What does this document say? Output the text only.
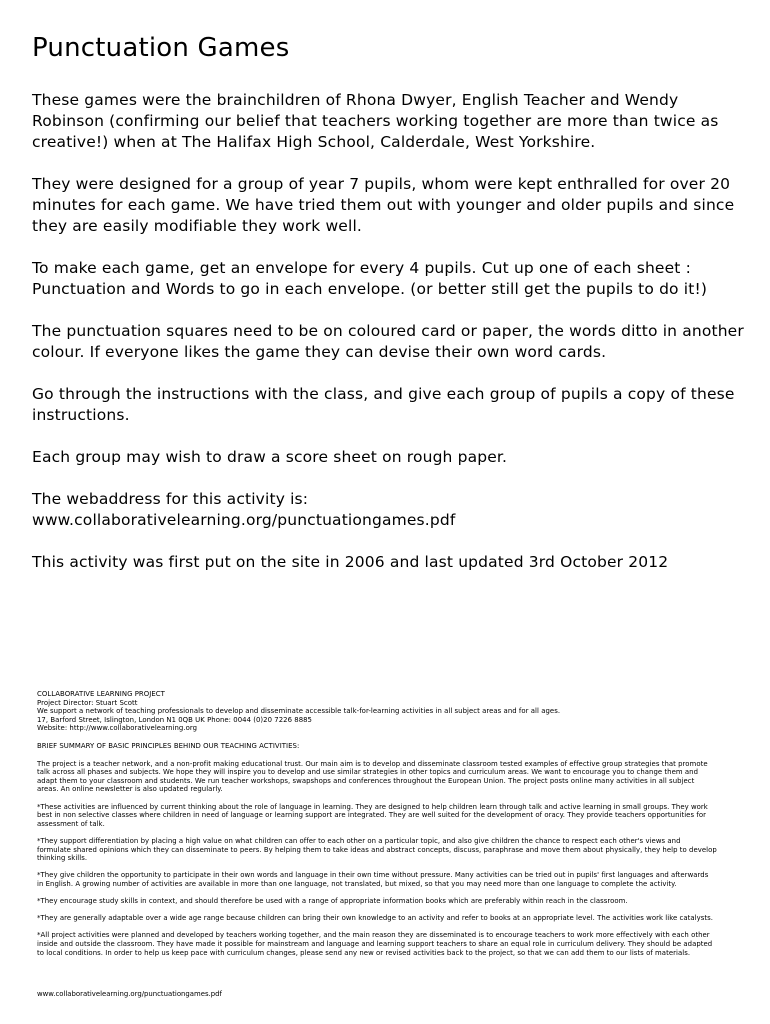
Punctuation Games

These games were the brainchildren of Rhona Dwyer, English Teacher and Wendy Robinson (confirming our belief that teachers working together are more than twice as creative!) when at The Halifax High School, Calderdale, West Yorkshire.

They were designed for a group of year 7 pupils, whom were kept enthralled for over 20 minutes for each game. We have tried them out with younger and older pupils and since they are easily modifiable they work well.

To make each game, get an envelope for every 4 pupils. Cut up one of each sheet : Punctuation and Words to go in each envelope. (or better still get the pupils to do it!)

The punctuation squares need to be on coloured card or paper, the words ditto in another colour. If everyone likes the game they can devise their own word cards.

Go through the instructions with the class, and give each group of pupils a copy of these instructions.

Each group may wish to draw a score sheet on rough paper.

The webaddress for this activity is:
www.collaborativelearning.org/punctuationgames.pdf

This activity was first put on the site in 2006 and last updated 3rd October 2012

COLLABORATIVE LEARNING PROJECT
Project Director: Stuart Scott
We support a network of teaching professionals to develop and disseminate accessible talk-for-learning activities in all subject areas and for all ages.
17, Barford Street, Islington, London N1 0QB UK Phone: 0044 (0)20 7226 8885
Website: http://www.collaborativelearning.org
BRIEF SUMMARY OF BASIC PRINCIPLES BEHIND OUR TEACHING ACTIVITIES:
The project is a teacher network, and a non-profit making educational trust. Our main aim is to develop and disseminate classroom tested examples of effective group strategies that promote
talk across all phases and subjects. We hope they will inspire you to develop and use similar strategies in other topics and curriculum areas. We want to encourage you to change them and
adapt them to your classroom and students. We run teacher workshops, swapshops and conferences throughout the European Union. The project posts online many activities in all subject
areas. An online newsletter is also updated regularly.
*These activities are influenced by current thinking about the role of language in learning. They are designed to help children learn through talk and active learning in small groups. They work
best in non selective classes where children in need of language or learning support are integrated. They are well suited for the development of oracy. They provide teachers opportunities for
assessment of talk.
*They support differentiation by placing a high value on what children can offer to each other on a particular topic, and also give children the chance to respect each other's views and
formulate shared opinions which they can disseminate to peers. By helping them to take ideas and abstract concepts, discuss, paraphrase and move them about physically, they help to develop
thinking skills.
*They give children the opportunity to participate in their own words and language in their own time without pressure. Many activities can be tried out in pupils' first languages and afterwards
in English. A growing number of activities are available in more than one language, not translated, but mixed, so that you may need more than one language to complete the activity.
*They encourage study skills in context, and should therefore be used with a range of appropriate information books which are preferably within reach in the classroom.
*They are generally adaptable over a wide age range because children can bring their own knowledge to an activity and refer to books at an appropriate level. The activities work like catalysts.
*All project activities were planned and developed by teachers working together, and the main reason they are disseminated is to encourage teachers to work more effectively with each other
inside and outside the classroom. They have made it possible for mainstream and language and learning support teachers to share an equal role in curriculum delivery. They should be adapted
to local conditions. In order to help us keep pace with curriculum changes, please send any new or revised activities back to the project, so that we can add them to our lists of materials.
www.collaborativelearning.org/punctuationgames.pdf
